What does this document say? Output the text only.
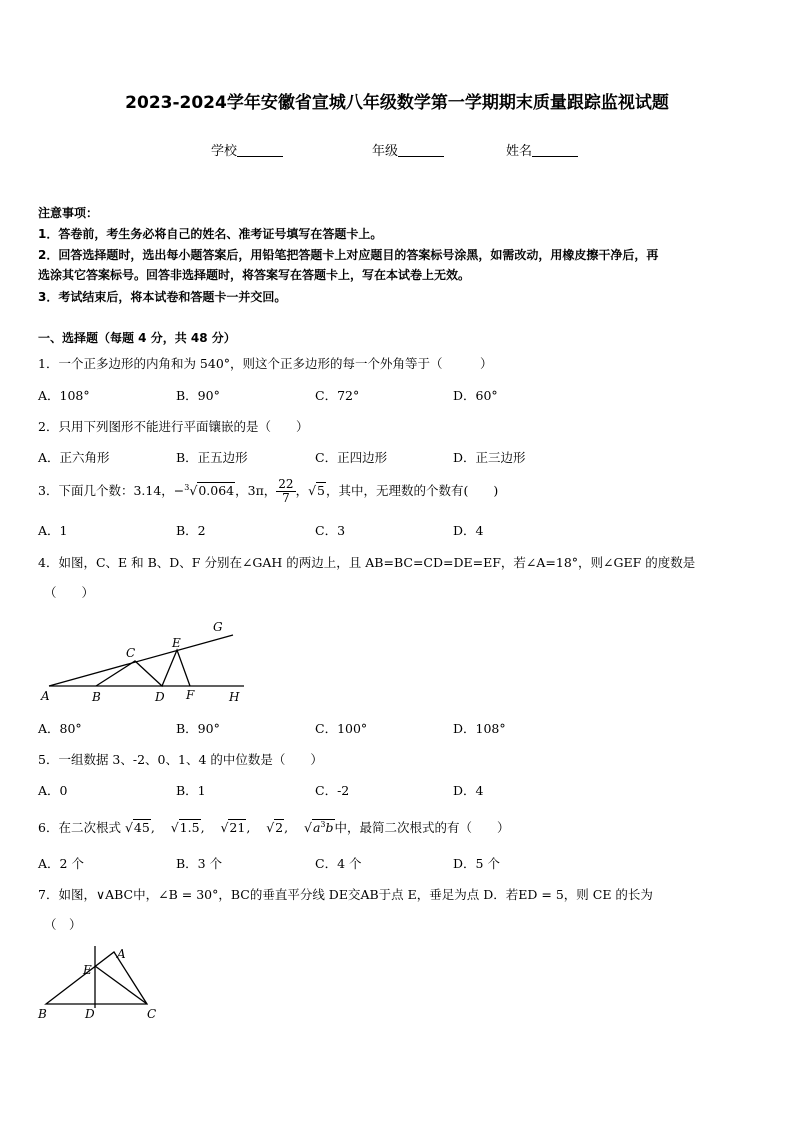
2023-2024学年安徽省宣城八年级数学第一学期期末质量跟踪监视试题
学校	年级	姓名
注意事项：
1．答卷前，考生务必将自己的姓名、准考证号填写在答题卡上。
2．回答选择题时，选出每小题答案后，用铅笔把答题卡上对应题目的答案标号涂黑，如需改动，用橡皮擦干净后，再
选涂其它答案标号。回答非选择题时，将答案写在答题卡上，写在本试卷上无效。
3．考试结束后，将本试卷和答题卡一并交回。
一、选择题（每题 4 分，共 48 分）
1．一个正多边形的内角和为 540°，则这个正多边形的每一个外角等于（　　　）
A．108°	B．90°	C．72°	D．60°
2．只用下列图形不能进行平面镶嵌的是（　　）
A．正六角形	B．正五边形	C．正四边形	D．正三边形
3．下面几个数：3.14，−$^3$√0.064，3π， $\frac{22}{7}$ ，√5，其中，无理数的个数有(　　)
A．1	B．2	C．3	D．4
4．如图，C、E 和 B、D、F 分别在∠GAH 的两边上，且 AB=BC=CD=DE=EF，若∠A=18°，则∠GEF 的度数是
（　　）
A	B
C
D
E
F
G
H
A．80°	B．90°	C．100°	D．108°
5．一组数据 3、-2、0、1、4 的中位数是（　　）
A．0	B．1	C．-2	D．4
6．在二次根式 √45,    √1.5,    √21,    √2,    $√a^3b$中，最简二次根式的有（　　）
A．2 个	B．3 个	C．4 个	D．5 个
7．如图，∨ABC中，∠B = 30°，BC的垂直平分线 DE交AB于点 E，垂足为点 D．若ED = 5，则 CE 的长为
（　）
A
B	C
D
E
